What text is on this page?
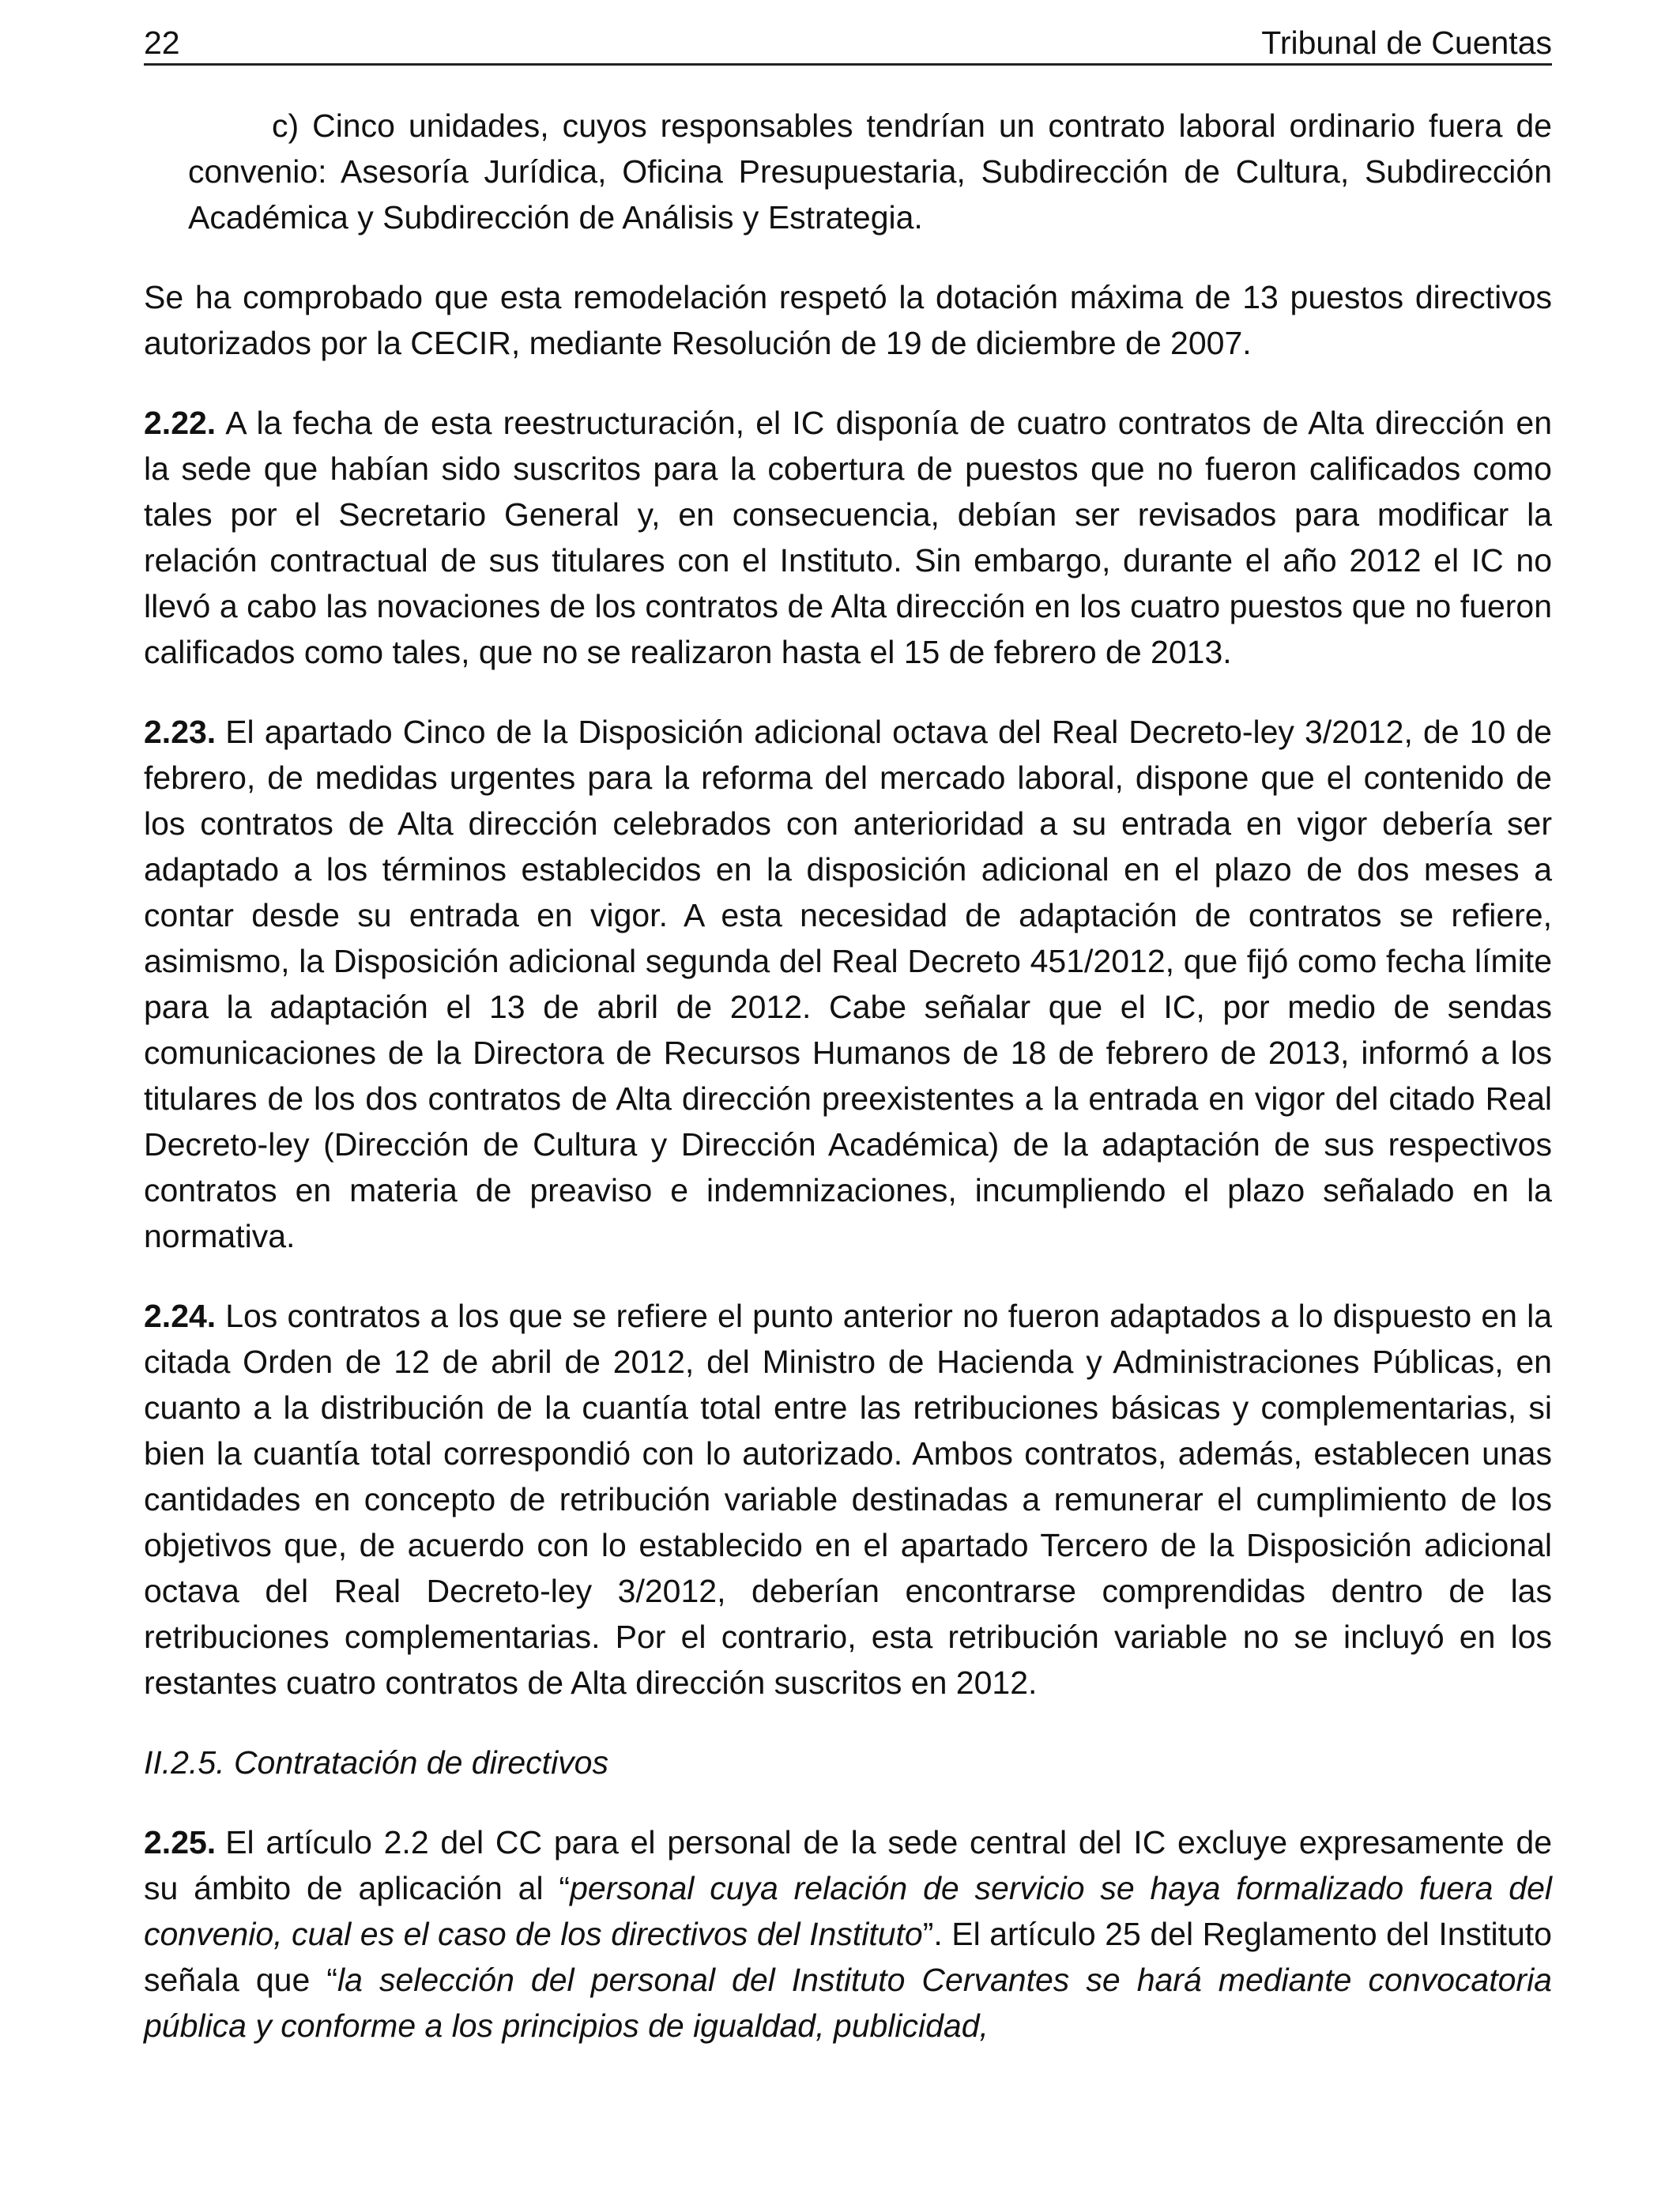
22	Tribunal de Cuentas

c) Cinco unidades, cuyos responsables tendrían un contrato laboral ordinario fuera de convenio: Asesoría Jurídica, Oficina Presupuestaria, Subdirección de Cultura, Subdirección Académica y Subdirección de Análisis y Estrategia.

Se ha comprobado que esta remodelación respetó la dotación máxima de 13 puestos directivos autorizados por la CECIR, mediante Resolución de 19 de diciembre de 2007.

2.22. A la fecha de esta reestructuración, el IC disponía de cuatro contratos de Alta dirección en la sede que habían sido suscritos para la cobertura de puestos que no fueron calificados como tales por el Secretario General y, en consecuencia, debían ser revisados para modificar la relación contractual de sus titulares con el Instituto. Sin embargo, durante el año 2012 el IC no llevó a cabo las novaciones de los contratos de Alta dirección en los cuatro puestos que no fueron calificados como tales, que no se realizaron hasta el 15 de febrero de 2013.

2.23. El apartado Cinco de la Disposición adicional octava del Real Decreto-ley 3/2012, de 10 de febrero, de medidas urgentes para la reforma del mercado laboral, dispone que el contenido de los contratos de Alta dirección celebrados con anterioridad a su entrada en vigor debería ser adaptado a los términos establecidos en la disposición adicional en el plazo de dos meses a contar desde su entrada en vigor. A esta necesidad de adaptación de contratos se refiere, asimismo, la Disposición adicional segunda del Real Decreto 451/2012, que fijó como fecha límite para la adaptación el 13 de abril de 2012. Cabe señalar que el IC, por medio de sendas comunicaciones de la Directora de Recursos Humanos de 18 de febrero de 2013, informó a los titulares de los dos contratos de Alta dirección preexistentes a la entrada en vigor del citado Real Decreto-ley (Dirección de Cultura y Dirección Académica) de la adaptación de sus respectivos contratos en materia de preaviso e indemnizaciones, incumpliendo el plazo señalado en la normativa.

2.24. Los contratos a los que se refiere el punto anterior no fueron adaptados a lo dispuesto en la citada Orden de 12 de abril de 2012, del Ministro de Hacienda y Administraciones Públicas, en cuanto a la distribución de la cuantía total entre las retribuciones básicas y complementarias, si bien la cuantía total correspondió con lo autorizado. Ambos contratos, además, establecen unas cantidades en concepto de retribución variable destinadas a remunerar el cumplimiento de los objetivos que, de acuerdo con lo establecido en el apartado Tercero de la Disposición adicional octava del Real Decreto-ley 3/2012, deberían encontrarse comprendidas dentro de las retribuciones complementarias. Por el contrario, esta retribución variable no se incluyó en los restantes cuatro contratos de Alta dirección suscritos en 2012.

II.2.5. Contratación de directivos

2.25. El artículo 2.2 del CC para el personal de la sede central del IC excluye expresamente de su ámbito de aplicación al “personal cuya relación de servicio se haya formalizado fuera del convenio, cual es el caso de los directivos del Instituto”. El artículo 25 del Reglamento del Instituto señala que “la selección del personal del Instituto Cervantes se hará mediante convocatoria pública y conforme a los principios de igualdad, publicidad,
